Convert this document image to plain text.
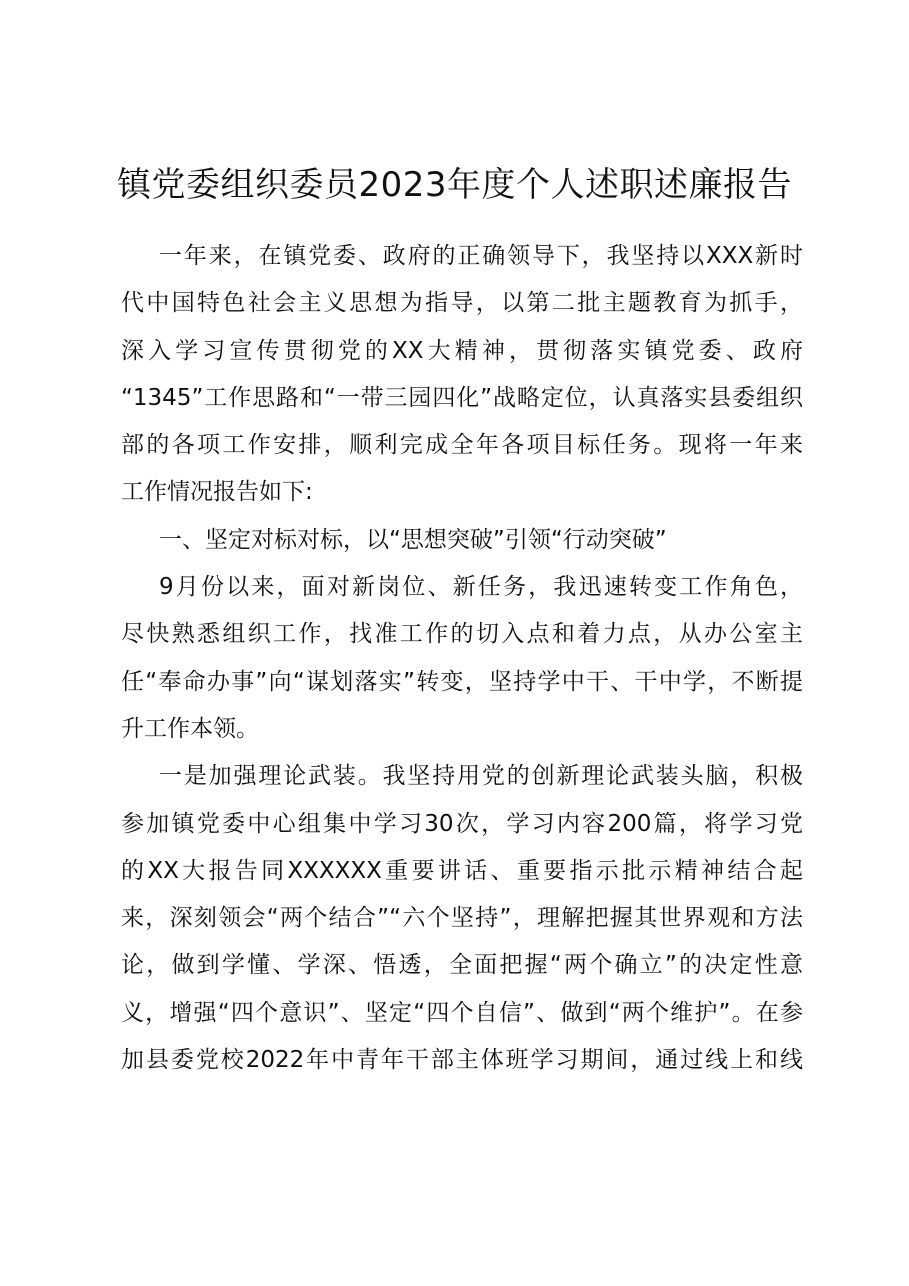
镇党委组织委员2023年度个人述职述廉报告
一年来，在镇党委、政府的正确领导下，我坚持以XXX新时
代中国特色社会主义思想为指导，以第二批主题教育为抓手，
深入学习宣传贯彻党的XX大精神，贯彻落实镇党委、政府
“1345”工作思路和“一带三园四化”战略定位，认真落实县委组织
部的各项工作安排，顺利完成全年各项目标任务。现将一年来
工作情况报告如下:
一、坚定对标对标，以“思想突破”引领“行动突破”
9月份以来，面对新岗位、新任务，我迅速转变工作角色，
尽快熟悉组织工作，找准工作的切入点和着力点，从办公室主
任“奉命办事”向“谋划落实”转变，坚持学中干、干中学，不断提
升工作本领。
一是加强理论武装。我坚持用党的创新理论武装头脑，积极
参加镇党委中心组集中学习30次，学习内容200篇，将学习党
的XX大报告同XXXXXX重要讲话、重要指示批示精神结合起
来，深刻领会“两个结合”“六个坚持”，理解把握其世界观和方法
论，做到学懂、学深、悟透，全面把握“两个确立”的决定性意
义，增强“四个意识”、坚定“四个自信”、做到“两个维护”。在参
加县委党校2022年中青年干部主体班学习期间，通过线上和线
